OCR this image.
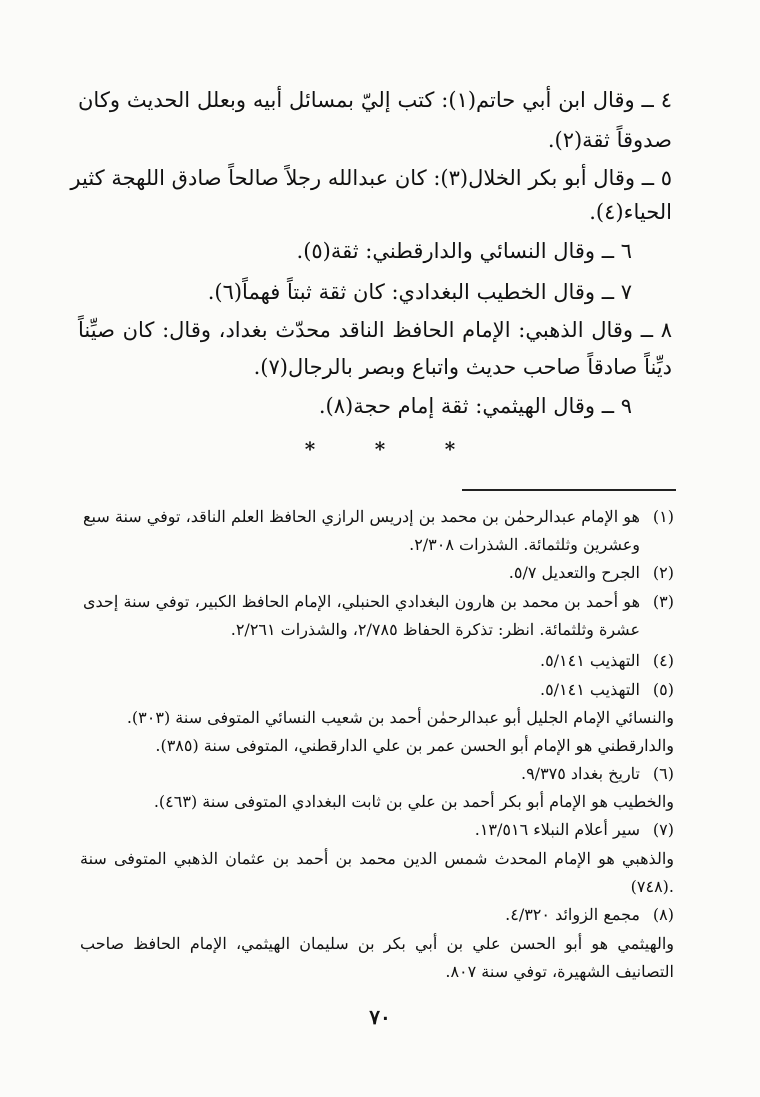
٤ ــ وقال ابن أبي حاتم(١): كتب إليّ بمسائل أبيه وبعلل الحديث وكان
صدوقاً ثقة(٢).
٥ ــ وقال أبو بكر الخلال(٣): كان عبدالله رجلاً صالحاً صادق اللهجة كثير
الحياء(٤).
٦ ــ وقال النسائي والدارقطني: ثقة(٥).
٧ ــ وقال الخطيب البغدادي: كان ثقة ثبتاً فهماً(٦).
٨ ــ وقال الذهبي: الإمام الحافظ الناقد محدّث بغداد، وقال: كان صيِّناً
ديِّناً صادقاً صاحب حديث واتباع وبصر بالرجال(٧).
٩ ــ وقال الهيثمي: ثقة إمام حجة(٨).
*	*	*
(١)
هو الإمام عبدالرحمٰن بن محمد بن إدريس الرازي الحافظ العلم الناقد، توفي سنة سبع
وعشرين وثلثمائة. الشذرات ٢/٣٠٨.
(٢)
الجرح والتعديل ٥/٧.
(٣)
هو أحمد بن محمد بن هارون البغدادي الحنبلي، الإمام الحافظ الكبير، توفي سنة إحدى
عشرة وثلثمائة. انظر: تذكرة الحفاظ ٢/٧٨٥، والشذرات ٢/٢٦١.
(٤)
التهذيب ٥/١٤١.
(٥)
التهذيب ٥/١٤١.
والنسائي الإمام الجليل أبو عبدالرحمٰن أحمد بن شعيب النسائي المتوفى سنة (٣٠٣).
والدارقطني هو الإمام أبو الحسن عمر بن علي الدارقطني، المتوفى سنة (٣٨٥).
(٦)
تاريخ بغداد ٩/٣٧٥.
والخطيب هو الإمام أبو بكر أحمد بن علي بن ثابت البغدادي المتوفى سنة (٤٦٣).
(٧)
سير أعلام النبلاء ١٣/٥١٦.
والذهبي هو الإمام المحدث شمس الدين محمد بن أحمد بن عثمان الذهبي المتوفى سنة
(٧٤٨).
(٨)
مجمع الزوائد ٤/٣٢٠.
والهيثمي هو أبو الحسن علي بن أبي بكر بن سليمان الهيثمي، الإمام الحافظ صاحب
التصانيف الشهيرة، توفي سنة ٨٠٧.
٧٠
